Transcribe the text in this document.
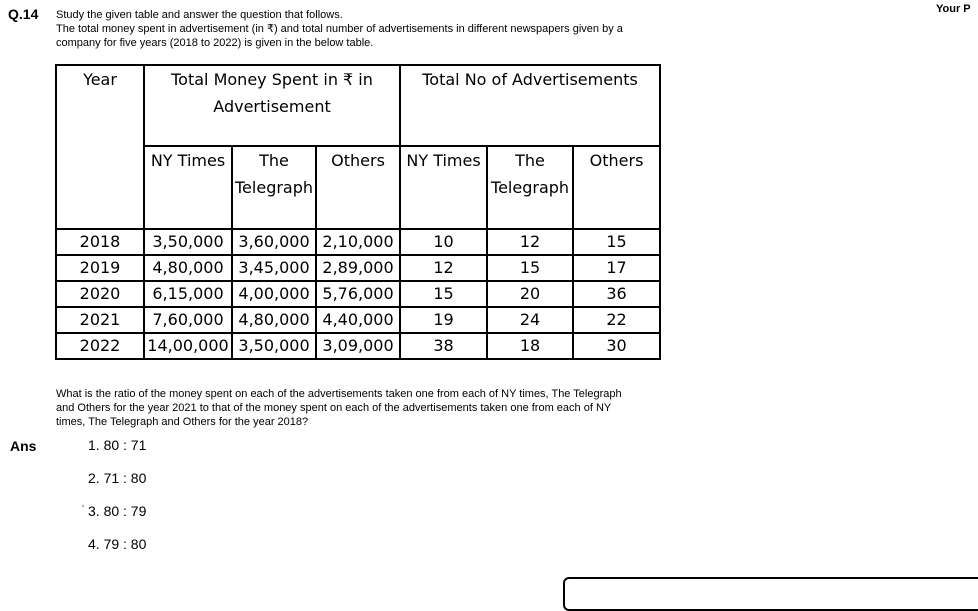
Q.14	Your P
Study the given table and answer the question that follows.
The total money spent in advertisement (in ₹) and total number of advertisements in different newspapers given by a
company for five years (2018 to 2022) is given in the below table.
Year	Total Money Spent in ₹ in Advertisement			Total No of Advertisements		
	NY Times	The Telegraph	Others	NY Times	The Telegraph	Others
2018	3,50,000	3,60,000	2,10,000	10	12	15
2019	4,80,000	3,45,000	2,89,000	12	15	17
2020	6,15,000	4,00,000	5,76,000	15	20	36
2021	7,60,000	4,80,000	4,40,000	19	24	22
2022	14,00,000	3,50,000	3,09,000	38	18	30
What is the ratio of the money spent on each of the advertisements taken one from each of NY times, The Telegraph
and Others for the year 2021 to that of the money spent on each of the advertisements taken one from each of NY
times, The Telegraph and Others for the year 2018?
Ans	1. 80 : 71
2. 71 : 80
ʼ 3. 80 : 79
4. 79 : 80
